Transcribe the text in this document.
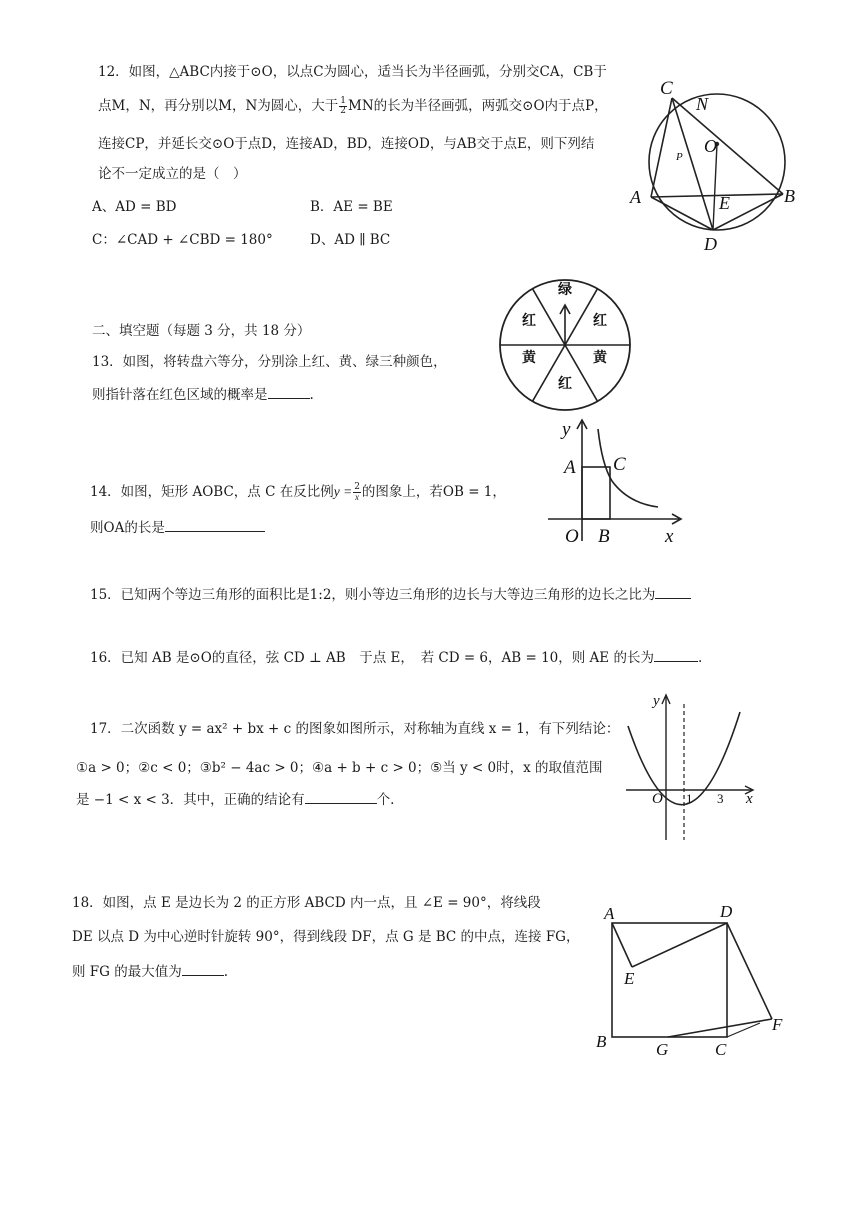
12．如图，△ABC内接于⊙O，以点C为圆心，适当长为半径画弧，分别交CA，CB于
点M，N，再分别以M，N为圆心，大于 $\frac{1}{2}$ MN的长为半径画弧，两弧交⊙O内于点P，
连接CP，并延长交⊙O于点D，连接AD，BD，连接OD，与AB交于点E，则下列结
论不一定成立的是（　）
A、AD = BD	B．AE = BE
C：∠CAD + ∠CBD = 180°	D、AD ∥ BC
C
N
O
P
A	B
E
D
二、填空题（每题 3 分，共 18 分）
13．如图，将转盘六等分，分别涂上红、黄、绿三种颜色，
则指针落在红色区域的概率是	.
绿
红
黄
红
黄
红
14．如图，矩形 AOBC，点 C 在反比例$y = \frac{2}{x}$ 的图象上，若OB = 1，
则OA的长是
y
A C
O B	x
15．已知两个等边三角形的面积比是1:2，则小等边三角形的边长与大等边三角形的边长之比为
16．已知 AB 是⊙O的直径，弦 CD ⊥ AB　于点 E，　若 CD = 6，AB = 10，则 AE 的长为	.
17．二次函数 y = ax² + bx + c 的图象如图所示，对称轴为直线 x = 1，有下列结论：
①a > 0；②c < 0；③b² − 4ac > 0；④a + b + c > 0；⑤当 y < 0时，x 的取值范围
是 −1 < x < 3．其中，正确的结论有	个.
y
O 1 3 x
18．如图，点 E 是边长为 2 的正方形 ABCD 内一点，且 ∠E = 90°，将线段
DE 以点 D 为中心逆时针旋转 90°，得到线段 DF，点 G 是 BC 的中点，连接 FG，
则 FG 的最大值为	.
A	D
E
B	G	C
F
